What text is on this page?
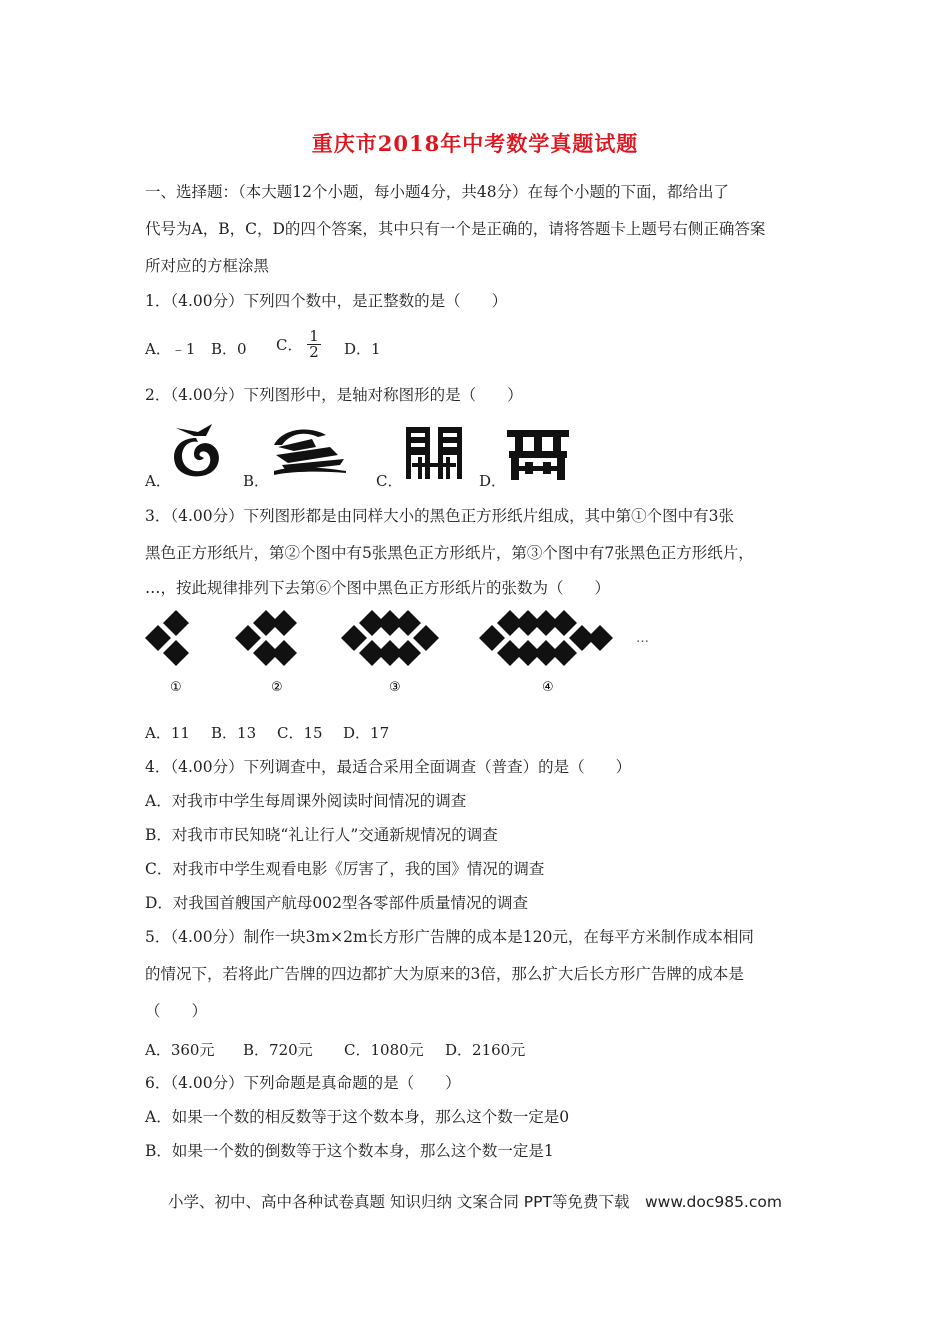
重庆市2018年中考数学真题试题
一、选择题：（本大题12个小题，每小题4分，共48分）在每个小题的下面，都给出了
代号为A，B，C，D的四个答案，其中只有一个是正确的，请将答题卡上题号右侧正确答案
所对应的方框涂黑
1．（4.00分）下列四个数中，是正整数的是（　　）
A．﹣1 B．0 C． $\frac{1}{2}$ D．1
2．（4.00分）下列图形中，是轴对称图形的是（　　）
A．	B．	C．	D．
3．（4.00分）下列图形都是由同样大小的黑色正方形纸片组成，其中第①个图中有3张
黑色正方形纸片，第②个图中有5张黑色正方形纸片，第③个图中有7张黑色正方形纸片，
…，按此规律排列下去第⑥个图中黑色正方形纸片的张数为（　　）
…
①	②	③	④
A．11 B．13 C．15 D．17
4．（4.00分）下列调查中，最适合采用全面调查（普查）的是（　　）
A．对我市中学生每周课外阅读时间情况的调查
B．对我市市民知晓“礼让行人”交通新规情况的调查
C．对我市中学生观看电影《厉害了，我的国》情况的调查
D．对我国首艘国产航母002型各零部件质量情况的调查
5．（4.00分）制作一块3m×2m长方形广告牌的成本是120元，在每平方米制作成本相同
的情况下，若将此广告牌的四边都扩大为原来的3倍，那么扩大后长方形广告牌的成本是
（　　）
A．360元 B．720元 C．1080元 D．2160元
6．（4.00分）下列命题是真命题的是（　　）
A．如果一个数的相反数等于这个数本身，那么这个数一定是0
B．如果一个数的倒数等于这个数本身，那么这个数一定是1
小学、初中、高中各种试卷真题 知识归纳 文案合同 PPT等免费下载　www.doc985.com
